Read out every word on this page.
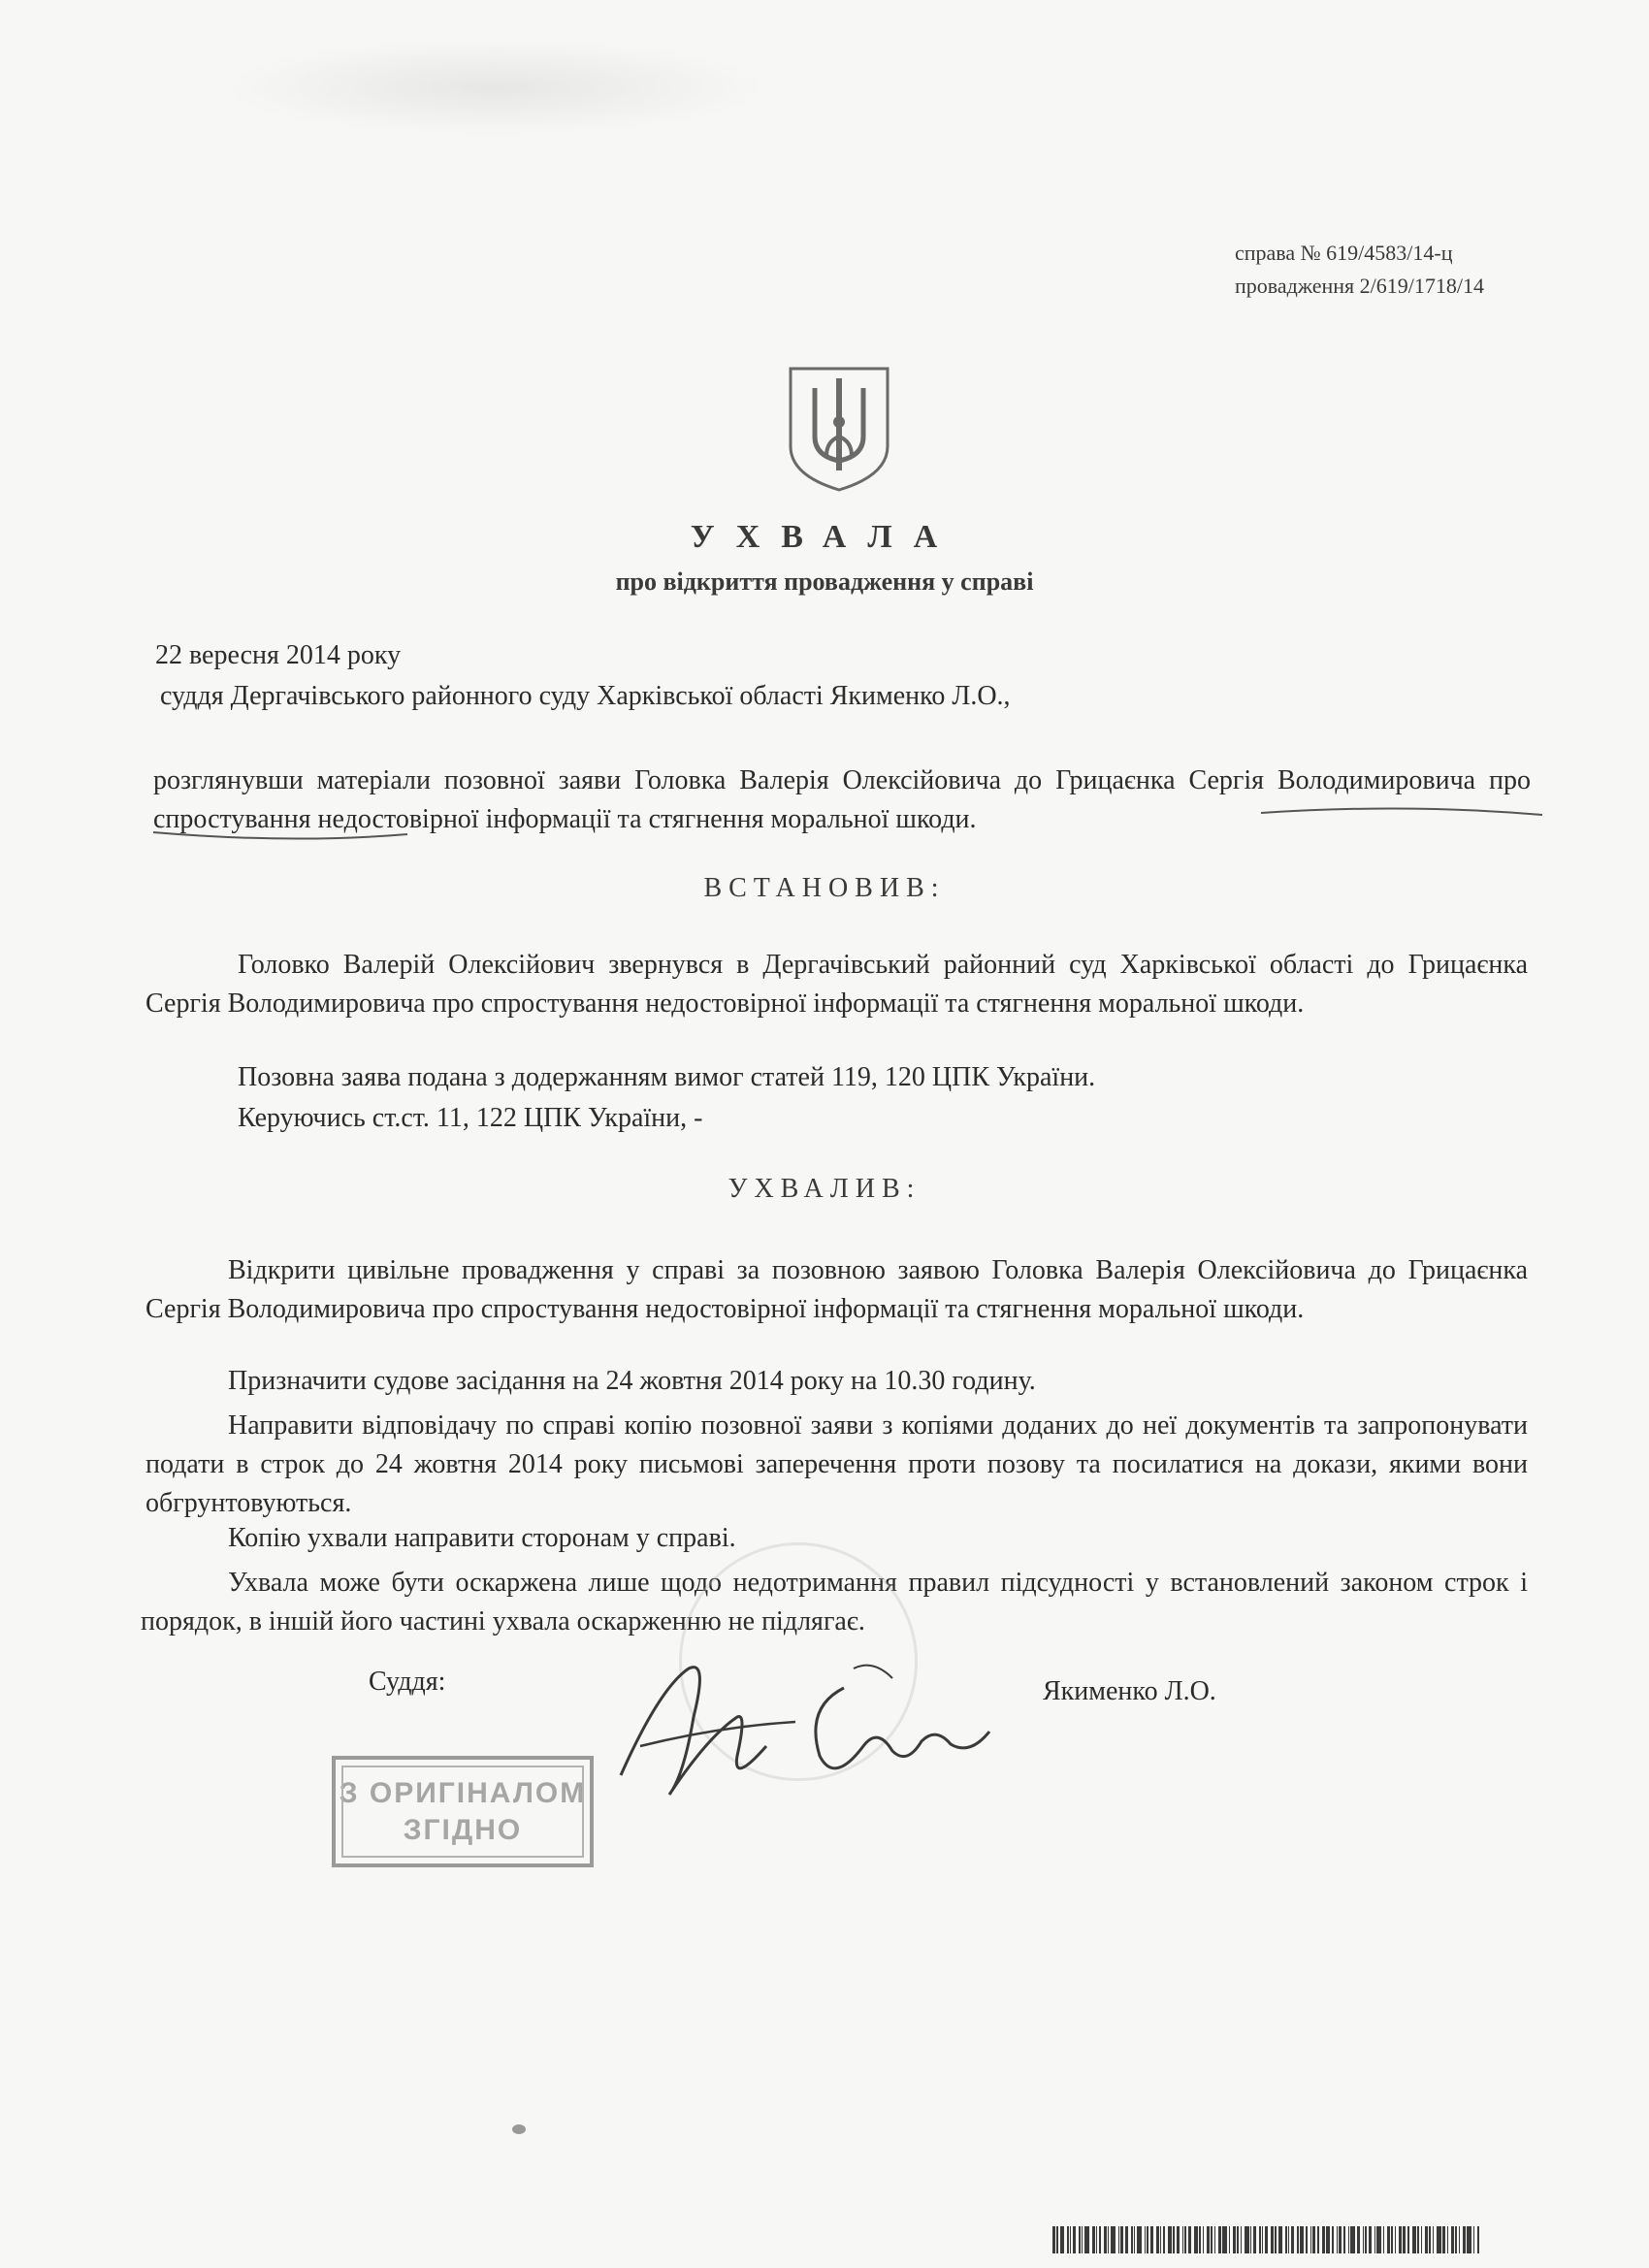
справа № 619/4583/14-ц
провадження 2/619/1718/14
УХВАЛА
про відкриття провадження у справі
22 вересня 2014 року
суддя Дергачівського районного суду Харківської області Якименко Л.О.,
розглянувши матеріали позовної заяви Головка Валерія Олексійовича до Грицаєнка Сергія Володимировича про спростування недостовірної інформації та стягнення моральної шкоди.
ВСТАНОВИВ:
Головко Валерій Олексійович звернувся в Дергачівський районний суд Харківської області до Грицаєнка Сергія Володимировича про спростування недостовірної інформації та стягнення моральної шкоди.
Позовна заява подана з додержанням вимог статей 119, 120 ЦПК України.
Керуючись ст.ст. 11, 122 ЦПК України, -
УХВАЛИВ:
Відкрити цивільне провадження у справі за позовною заявою Головка Валерія Олексійовича до Грицаєнка Сергія Володимировича про спростування недостовірної інформації та стягнення моральної шкоди.
Призначити судове засідання на 24 жовтня 2014 року на 10.30 годину.
Направити відповідачу по справі копію позовної заяви з копіями доданих до неї документів та запропонувати подати в строк до 24 жовтня 2014 року письмові заперечення проти позову та посилатися на докази, якими вони обгрунтовуються.
Копію ухвали направити сторонам у справі.
Ухвала може бути оскаржена лише щодо недотримання правил підсудності у встановлений законом строк і порядок, в іншій його частині ухвала оскарженню не підлягає.
Суддя:	Якименко Л.О.
З ОРИГІНАЛОМ
ЗГІДНО
